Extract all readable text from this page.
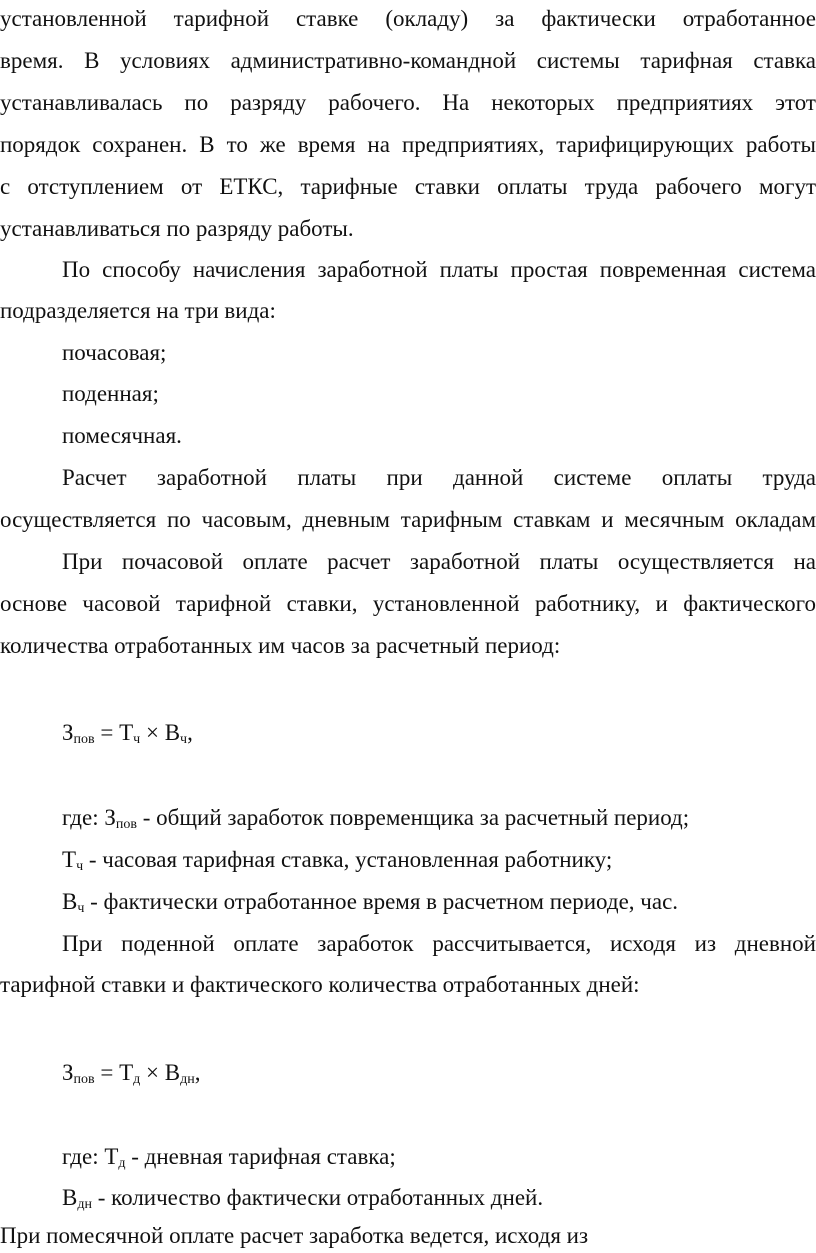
установленной тарифной ставке (окладу) за фактически отработанное
время. В условиях административно-командной системы тарифная ставка
устанавливалась по разряду рабочего. На некоторых предприятиях этот
порядок сохранен. В то же время на предприятиях, тарифицирующих работы
с отступлением от ЕТКС, тарифные ставки оплаты труда рабочего могут
устанавливаться по разряду работы.
По способу начисления заработной платы простая повременная система
подразделяется на три вида:
почасовая;
поденная;
помесячная.
Расчет заработной платы при данной системе оплаты труда
осуществляется по часовым, дневным тарифным ставкам и месячным окладам
При почасовой оплате расчет заработной платы осуществляется на
основе часовой тарифной ставки, установленной работнику, и фактического
количества отработанных им часов за расчетный период:
$З_{пов} = Т_ч \times В_ч$,
где: $З_{пов}$ - общий заработок повременщика за расчетный период;
$Т_ч$ - часовая тарифная ставка, установленная работнику;
$В_ч$ - фактически отработанное время в расчетном периоде, час.
При поденной оплате заработок рассчитывается, исходя из дневной
тарифной ставки и фактического количества отработанных дней:
$З_{пов} = Т_д \times В_{дн}$,
где: $Т_д$ - дневная тарифная ставка;
$В_{дн}$ - количество фактически отработанных дней.
При помесячной оплате расчет заработка ведется, исходя из
